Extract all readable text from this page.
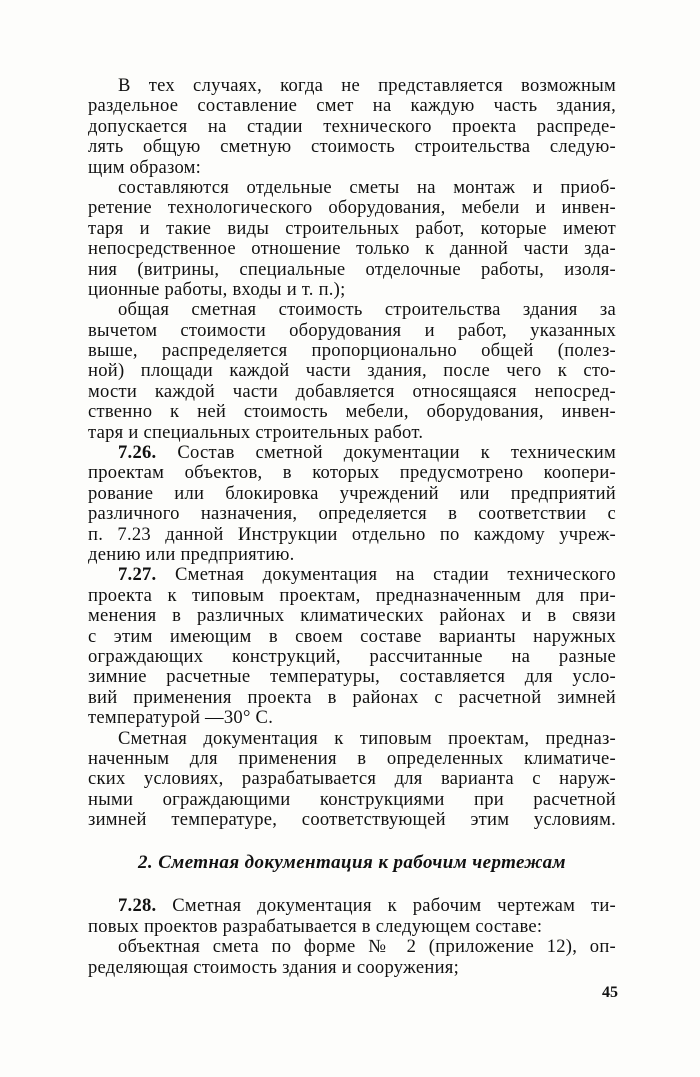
В тех случаях, когда не представляется возможным
раздельное составление смет на каждую часть здания,
допускается на стадии технического проекта распреде-
лять общую сметную стоимость строительства следую-
щим образом:

составляются отдельные сметы на монтаж и приоб-
ретение технологического оборудования, мебели и инвен-
таря и такие виды строительных работ, которые имеют
непосредственное отношение только к данной части зда-
ния (витрины, специальные отделочные работы, изоля-
ционные работы, входы и т. п.);

общая сметная стоимость строительства здания за
вычетом стоимости оборудования и работ, указанных
выше, распределяется пропорционально общей (полез-
ной) площади каждой части здания, после чего к сто-
мости каждой части добавляется относящаяся непосред-
ственно к ней стоимость мебели, оборудования, инвен-
таря и специальных строительных работ.

7.26. Состав сметной документации к техническим
проектам объектов, в которых предусмотрено коопери-
рование или блокировка учреждений или предприятий
различного назначения, определяется в соответствии с
п. 7.23 данной Инструкции отдельно по каждому учреж-
дению или предприятию.

7.27. Сметная документация на стадии технического
проекта к типовым проектам, предназначенным для при-
менения в различных климатических районах и в связи
с этим имеющим в своем составе варианты наружных
ограждающих конструкций, рассчитанные на разные
зимние расчетные температуры, составляется для усло-
вий применения проекта в районах с расчетной зимней
температурой —30° С.

Сметная документация к типовым проектам, предназ-
наченным для применения в определенных климатиче-
ских условиях, разрабатывается для варианта с наруж-
ными ограждающими конструкциями при расчетной
зимней температуре, соответствующей этим условиям.

2. Сметная документация к рабочим чертежам

7.28. Сметная документация к рабочим чертежам ти-
повых проектов разрабатывается в следующем составе:

объектная смета по форме № 2 (приложение 12), оп-
ределяющая стоимость здания и сооружения;

45
